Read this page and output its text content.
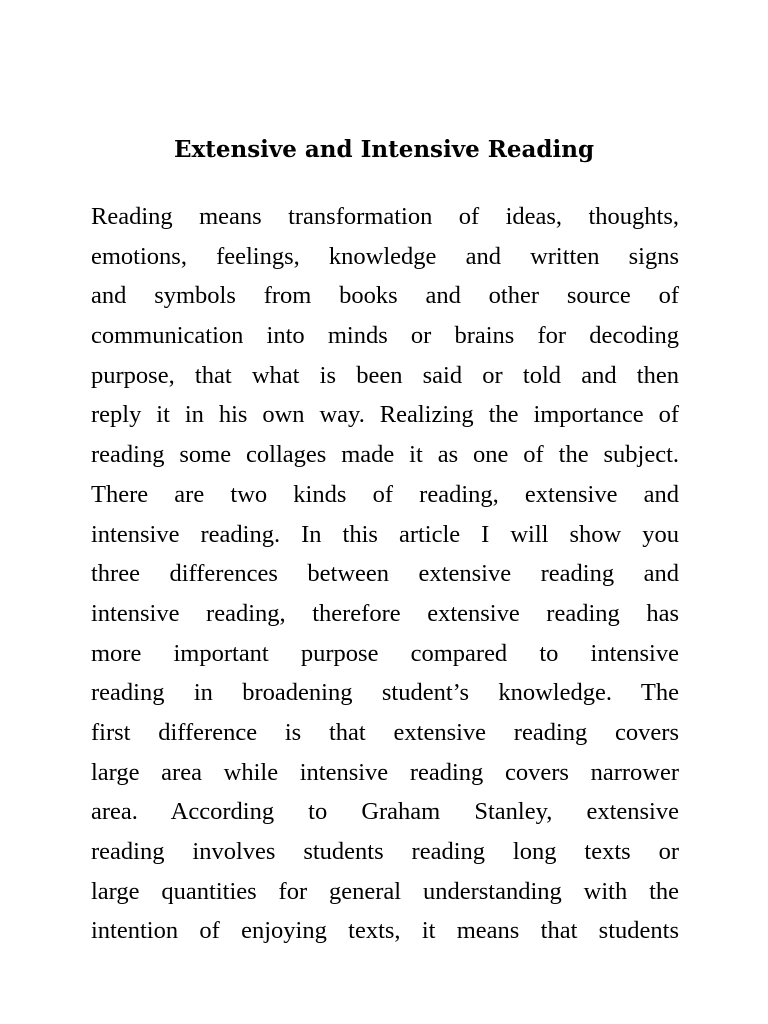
Extensive and Intensive Reading
Reading means transformation of ideas, thoughts,
emotions, feelings, knowledge and written signs
and symbols from books and other source of
communication into minds or brains for decoding
purpose, that what is been said or told and then
reply it in his own way. Realizing the importance of
reading some collages made it as one of the subject.
There are two kinds of reading, extensive and
intensive reading. In this article I will show you
three differences between extensive reading and
intensive reading, therefore extensive reading has
more important purpose compared to intensive
reading in broadening student’s knowledge. The
first difference is that extensive reading covers
large area while intensive reading covers narrower
area. According to Graham Stanley, extensive
reading involves students reading long texts or
large quantities for general understanding with the
intention of enjoying texts, it means that students
